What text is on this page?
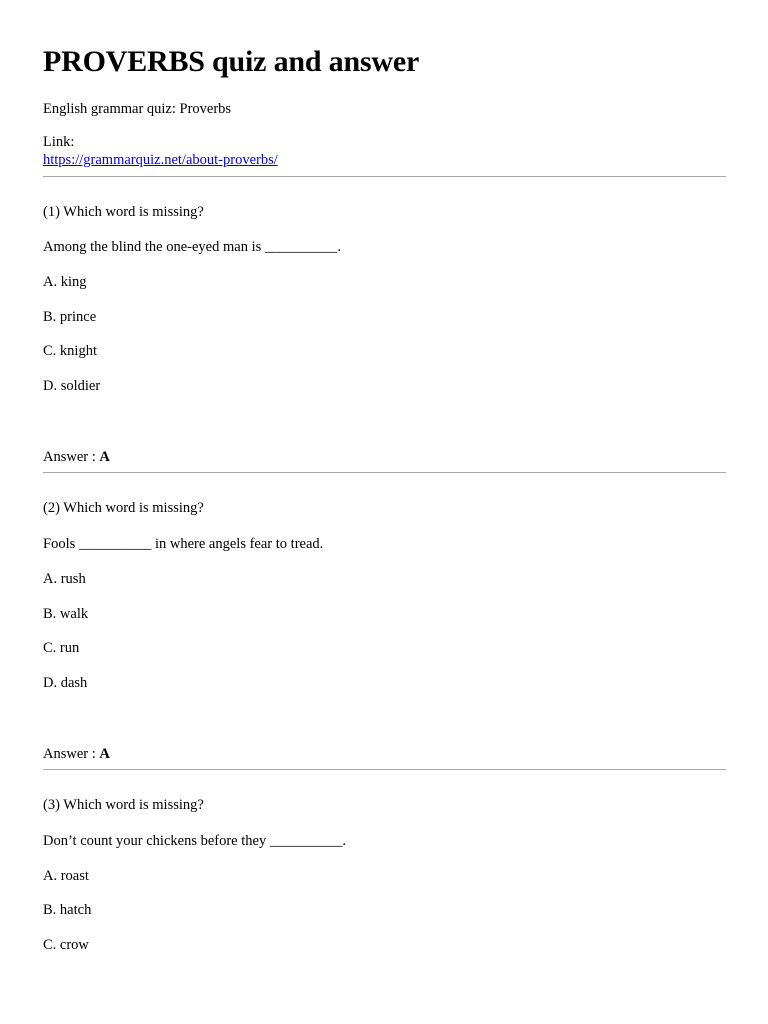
PROVERBS quiz and answer
English grammar quiz: Proverbs
Link:
https://grammarquiz.net/about-proverbs/
(1) Which word is missing?
Among the blind the one-eyed man is __________.
A. king
B. prince
C. knight
D. soldier
Answer : A
(2) Which word is missing?
Fools __________ in where angels fear to tread.
A. rush
B. walk
C. run
D. dash
Answer : A
(3) Which word is missing?
Don’t count your chickens before they __________.
A. roast
B. hatch
C. crow
